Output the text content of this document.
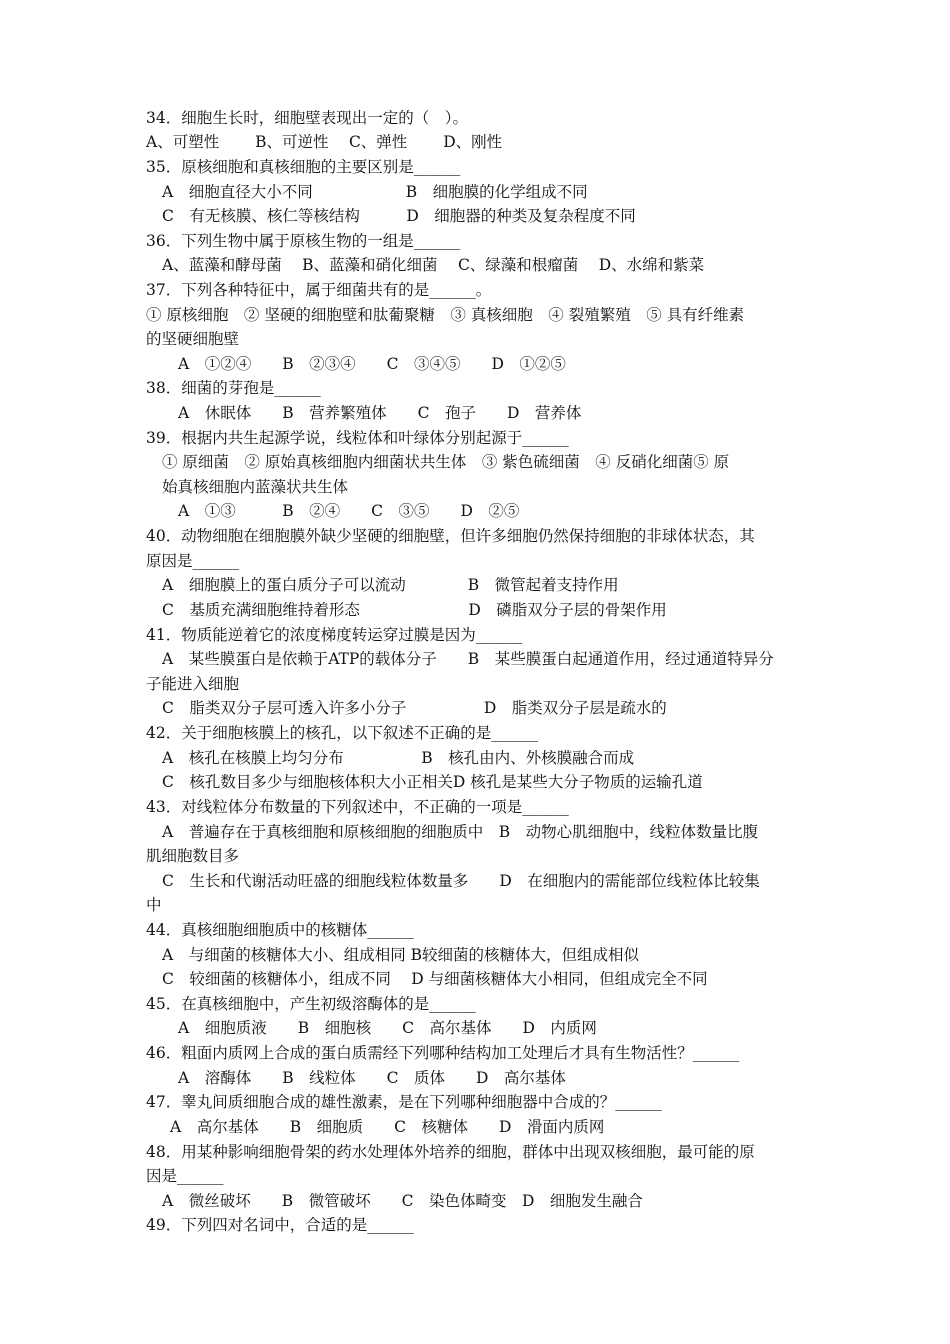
34．细胞生长时，细胞壁表现出一定的（　）。
A、可塑性　　 B、可逆性　 C、弹性　　 D、刚性
35．原核细胞和真核细胞的主要区别是______
A　细胞直径大小不同　　　　　　B　细胞膜的化学组成不同
C　有无核膜、核仁等核结构　　　D　细胞器的种类及复杂程度不同
36．下列生物中属于原核生物的一组是______
A、蓝藻和酵母菌　 B、蓝藻和硝化细菌　 C、绿藻和根瘤菌　 D、水绵和紫菜
37．下列各种特征中，属于细菌共有的是______。
① 原核细胞　② 坚硬的细胞壁和肽葡聚糖　③ 真核细胞　④ 裂殖繁殖　⑤ 具有纤维素
的坚硬细胞壁
A　①②④　　B　②③④　　C　③④⑤　　D　①②⑤
38．细菌的芽孢是______
A　休眠体　　B　营养繁殖体　　C　孢子　　D　营养体
39．根据内共生起源学说，线粒体和叶绿体分别起源于______
① 原细菌　② 原始真核细胞内细菌状共生体　③ 紫色硫细菌　④ 反硝化细菌⑤ 原
始真核细胞内蓝藻状共生体
A　①③　　　B　②④　　C　③⑤　　D　②⑤
40．动物细胞在细胞膜外缺少坚硬的细胞壁，但许多细胞仍然保持细胞的非球体状态，其
原因是______
A　细胞膜上的蛋白质分子可以流动　　　　B　微管起着支持作用
C　基质充满细胞维持着形态　　　　　　　D　磷脂双分子层的骨架作用
41．物质能逆着它的浓度梯度转运穿过膜是因为______
A　某些膜蛋白是依赖于ATP的载体分子　　B　某些膜蛋白起通道作用，经过通道特异分
子能进入细胞
C　脂类双分子层可透入许多小分子　　　　　D　脂类双分子层是疏水的
42．关于细胞核膜上的核孔，以下叙述不正确的是______
A　核孔在核膜上均匀分布　　　　　B　核孔由内、外核膜融合而成
C　核孔数目多少与细胞核体积大小正相关D 核孔是某些大分子物质的运输孔道
43．对线粒体分布数量的下列叙述中，不正确的一项是______
A　普遍存在于真核细胞和原核细胞的细胞质中　B　动物心肌细胞中，线粒体数量比腹
肌细胞数目多
C　生长和代谢活动旺盛的细胞线粒体数量多　　D　在细胞内的需能部位线粒体比较集
中
44．真核细胞细胞质中的核糖体______
A　与细菌的核糖体大小、组成相同 B较细菌的核糖体大，但组成相似
C　较细菌的核糖体小，组成不同　 D 与细菌核糖体大小相同，但组成完全不同
45．在真核细胞中，产生初级溶酶体的是______
A　细胞质液　　B　细胞核　　C　高尔基体　　D　内质网
46．粗面内质网上合成的蛋白质需经下列哪种结构加工处理后才具有生物活性？______
A　溶酶体　　B　线粒体　　C　质体　　D　高尔基体
47．睾丸间质细胞合成的雄性激素，是在下列哪种细胞器中合成的？______
A　高尔基体　　B　细胞质　　C　核糖体　　D　滑面内质网
48．用某种影响细胞骨架的药水处理体外培养的细胞，群体中出现双核细胞，最可能的原
因是______
A　微丝破坏　　B　微管破坏　　C　染色体畸变　D　细胞发生融合
49．下列四对名词中，合适的是______
